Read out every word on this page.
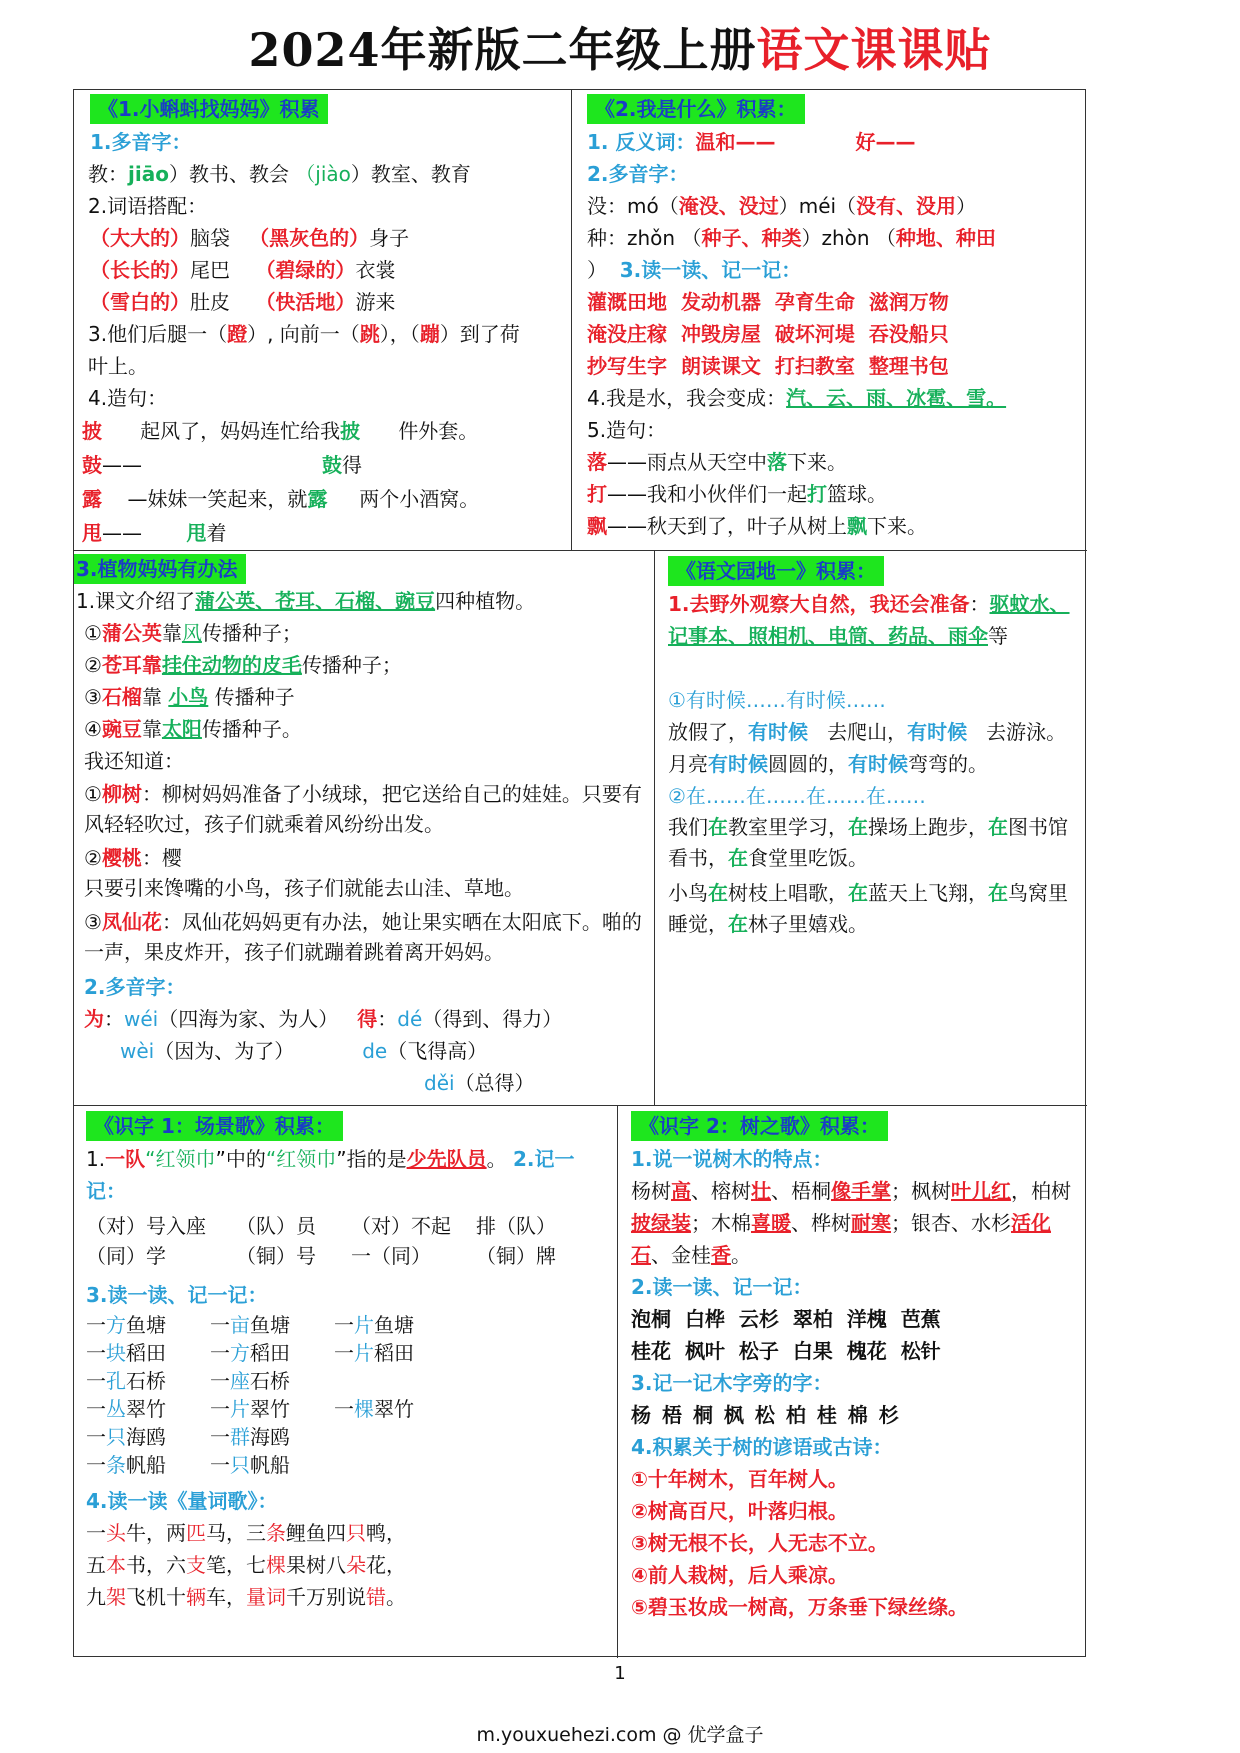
2024年新版二年级上册语文课课贴
《1.小蝌蚪找妈妈》积累
1.多音字：
教：jiāo）教书、教会 （jiào）教室、教育
2.词语搭配：
（大大的）脑袋 （黑灰色的）身子
（长长的）尾巴 （碧绿的）衣裳
（雪白的）肚皮 （快活地）游来
3.他们后腿一（蹬）, 向前一（跳），（蹦）到了荷
叶上。
4.造句：
披 起风了，妈妈连忙给我披 件外套。
鼓——	鼓得
露 —妹妹一笑起来，就露 两个小酒窝。
甩—— 甩着
《2.我是什么》积累：
1. 反义词：温和——	好——
2.多音字：
没：mó（淹没、没过）méi（没有、没用）
种：zhǒn （种子、种类）zhòn （种地、种田
） 3.读一读、记一记：
灌溉田地 发动机器 孕育生命 滋润万物
淹没庄稼 冲毁房屋 破坏河堤 吞没船只
抄写生字 朗读课文 打扫教室 整理书包
4.我是水，我会变成：汽、云、雨、冰雹、雪。
5.造句：
落——雨点从天空中落下来。
打——我和小伙伴们一起打篮球。
飘——秋天到了，叶子从树上飘下来。
3.植物妈妈有办法
1.课文介绍了蒲公英、苍耳、石榴、豌豆四种植物。
①蒲公英靠风传播种子；
②苍耳靠挂住动物的皮毛传播种子；
③石榴靠 小鸟 传播种子
④豌豆靠太阳传播种子。
我还知道：
①柳树：柳树妈妈准备了小绒球，把它送给自己的娃娃。只要有风轻轻吹过，孩子们就乘着风纷纷出发。
②樱桃：樱
只要引来馋嘴的小鸟，孩子们就能去山洼、草地。
③凤仙花：凤仙花妈妈更有办法，她让果实晒在太阳底下。啪的一声，果皮炸开，孩子们就蹦着跳着离开妈妈。
2.多音字：
为：wéi（四海为家、为人） 得：dé（得到、得力）
wèi（因为、为了）	de（飞得高）
děi（总得）
《语文园地一》积累：
1.去野外观察大自然，我还会准备：驱蚊水、记事本、照相机、电筒、药品、雨伞等
①有时候……有时候……
放假了，有时候 去爬山，有时候 去游泳。
月亮有时候圆圆的，有时候弯弯的。
②在……在……在……在……
我们在教室里学习，在操场上跑步，在图书馆看书，在食堂里吃饭。
小鸟在树枝上唱歌，在蓝天上飞翔，在鸟窝里睡觉，在林子里嬉戏。
《识字 1：场景歌》积累：
1.一队“红领巾”中的“红领巾”指的是少先队员。 2.记一记：
（对）号入座	（队）员	（对）不起	排（队）
（同）学	（铜）号	一（同）	（铜）牌
3.读一读、记一记：
一方鱼塘	一亩鱼塘	一片鱼塘
一块稻田	一方稻田	一片稻田
一孔石桥	一座石桥
一丛翠竹	一片翠竹	一棵翠竹
一只海鸥	一群海鸥
一条帆船	一只帆船
4.读一读《量词歌》：
一头牛，两匹马，三条鲤鱼四只鸭，
五本书，六支笔，七棵果树八朵花，
九架飞机十辆车，量词千万别说错。
《识字 2：树之歌》积累：
1.说一说树木的特点：
杨树高、榕树壮、梧桐像手掌；枫树叶儿红，柏树披绿装；木棉喜暖、桦树耐寒；银杏、水杉活化石、金桂香。
2.读一读、记一记：
泡桐 白桦 云杉 翠柏 洋槐 芭蕉
桂花 枫叶 松子 白果 槐花 松针
3.记一记木字旁的字：
杨 梧 桐 枫 松 柏 桂 棉 杉
4.积累关于树的谚语或古诗：
①十年树木，百年树人。
②树高百尺，叶落归根。
③树无根不长，人无志不立。
④前人栽树，后人乘凉。
⑤碧玉妆成一树高，万条垂下绿丝绦。
1
m.youxuehezi.com @ 优学盒子
